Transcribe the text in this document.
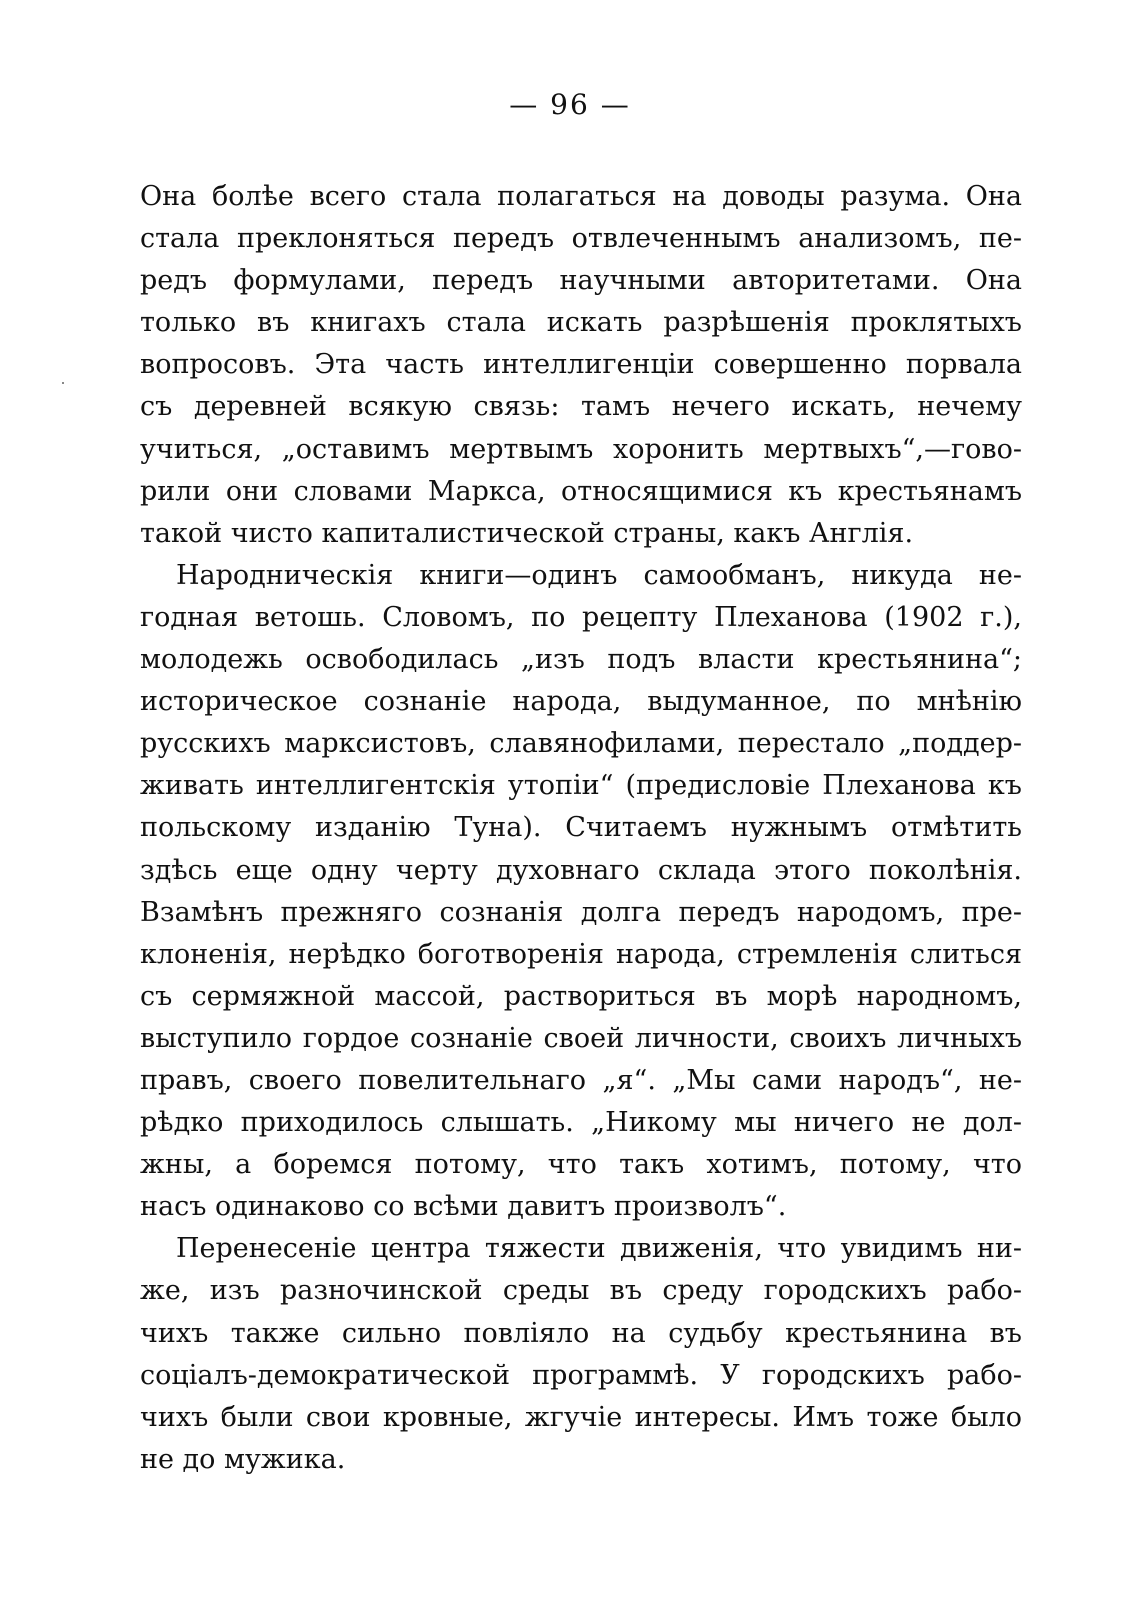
— 96 —
Она болѣе всего стала полагаться на доводы разума. Она
стала преклоняться передъ отвлеченнымъ анализомъ, пе-
редъ формулами, передъ научными авторитетами. Она
только въ книгахъ стала искать разрѣшенія проклятыхъ
вопросовъ. Эта часть интеллигенціи совершенно порвала
съ деревней всякую связь: тамъ нечего искать, нечему
учиться, „оставимъ мертвымъ хоронить мертвыхъ“,—гово-
рили они словами Маркса, относящимися къ крестьянамъ
такой чисто капиталистической страны, какъ Англія.
Народническія книги—одинъ самообманъ, никуда не-
годная ветошь. Словомъ, по рецепту Плеханова (1902 г.),
молодежь освободилась „изъ подъ власти крестьянина“;
историческое сознаніе народа, выдуманное, по мнѣнію
русскихъ марксистовъ, славянофилами, перестало „поддер-
живать интеллигентскія утопіи“ (предисловіе Плеханова къ
польскому изданію Туна). Считаемъ нужнымъ отмѣтить
здѣсь еще одну черту духовнаго склада этого поколѣнія.
Взамѣнъ прежняго сознанія долга передъ народомъ, пре-
клоненія, нерѣдко боготворенія народа, стремленія слиться
съ сермяжной массой, раствориться въ морѣ народномъ,
выступило гордое сознаніе своей личности, своихъ личныхъ
правъ, своего повелительнаго „я“. „Мы сами народъ“, не-
рѣдко приходилось слышать. „Никому мы ничего не дол-
жны, а боремся потому, что такъ хотимъ, потому, что
насъ одинаково со всѣми давитъ произволъ“.
Перенесеніе центра тяжести движенія, что увидимъ ни-
же, изъ разночинской среды въ среду городскихъ рабо-
чихъ также сильно повліяло на судьбу крестьянина въ
соціалъ-демократической программѣ. У городскихъ рабо-
чихъ были свои кровные, жгучіе интересы. Имъ тоже было
не до мужика.
